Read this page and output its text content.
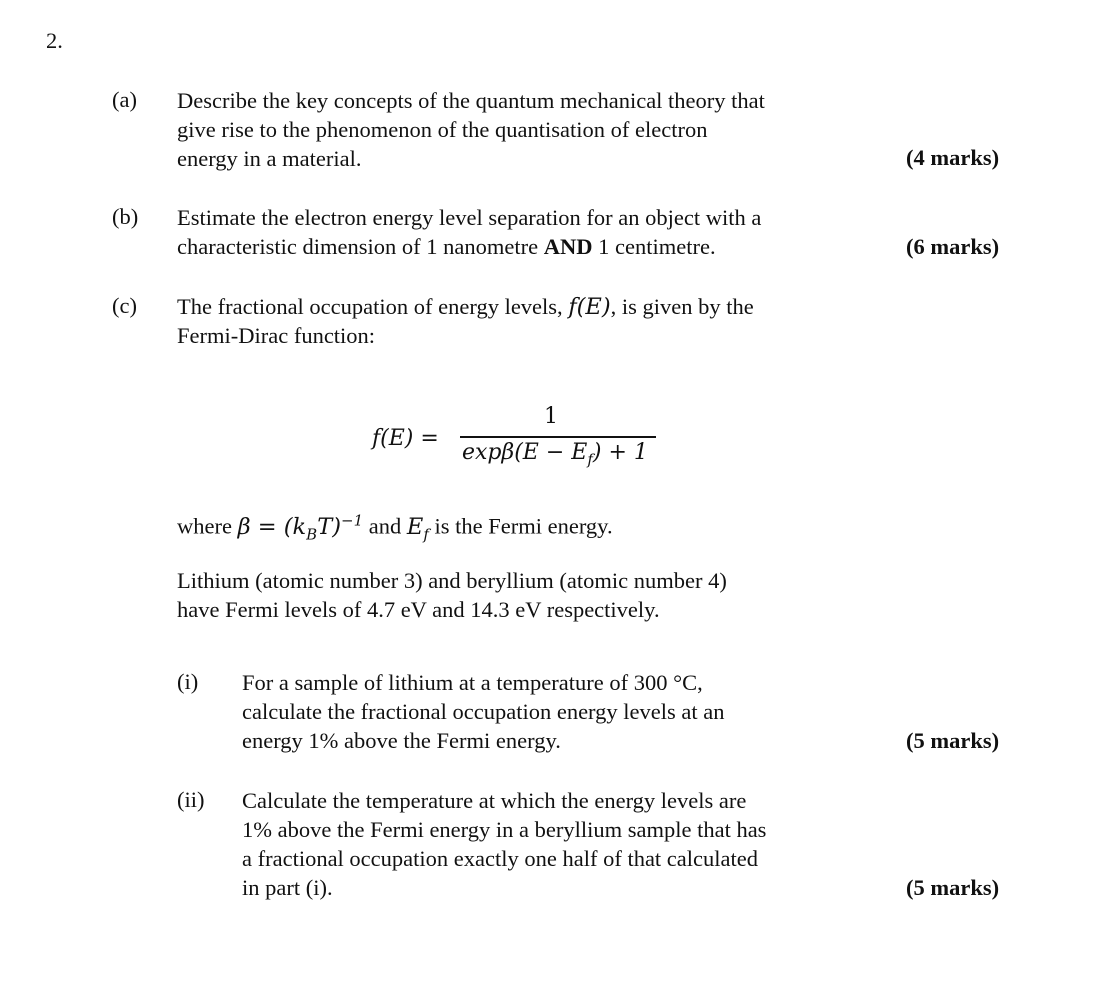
2.
(a) Describe the key concepts of the quantum mechanical theory that
give rise to the phenomenon of the quantisation of electron
energy in a material.	(4 marks)
(b) Estimate the electron energy level separation for an object with a
characteristic dimension of 1 nanometre AND 1 centimetre.	(6 marks)
(c) The fractional occupation of energy levels, f(E), is given by the
Fermi-Dirac function:
f(E) =
1
$\exp\beta(E - E_f) + 1$
where $\beta = (k_BT)^{-1}$ and $E_f$ is the Fermi energy.
Lithium (atomic number 3) and beryllium (atomic number 4)
have Fermi levels of 4.7 eV and 14.3 eV respectively.
(i) For a sample of lithium at a temperature of 300 °C,
calculate the fractional occupation energy levels at an
energy 1% above the Fermi energy.	(5 marks)
(ii) Calculate the temperature at which the energy levels are
1% above the Fermi energy in a beryllium sample that has
a fractional occupation exactly one half of that calculated
in part (i).	(5 marks)
